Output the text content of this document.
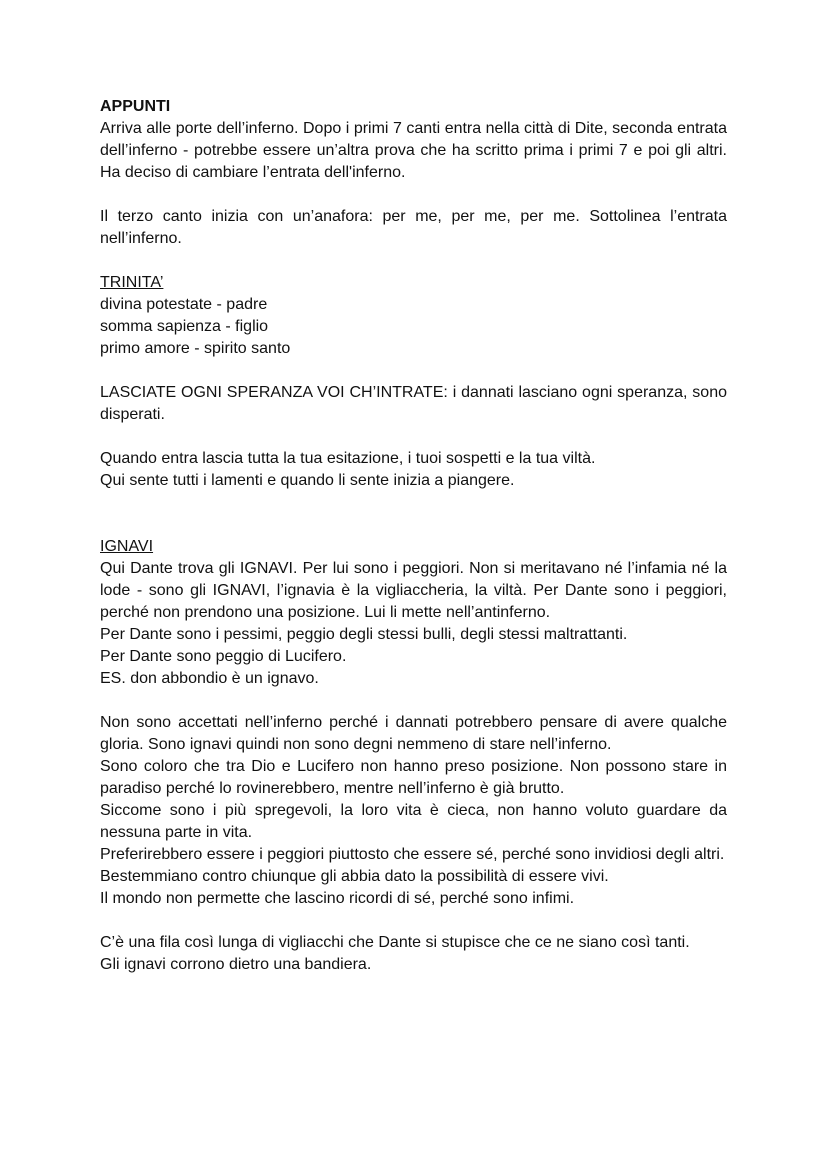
APPUNTI

Arriva alle porte dell’inferno. Dopo i primi 7 canti entra nella città di Dite, seconda entrata dell’inferno - potrebbe essere un’altra prova che ha scritto prima i primi 7 e poi gli altri. Ha deciso di cambiare l’entrata dell'inferno.

Il terzo canto inizia con un’anafora: per me, per me, per me. Sottolinea l’entrata nell’inferno.

TRINITA’

divina potestate - padre

somma sapienza - figlio

primo amore - spirito santo

LASCIATE OGNI SPERANZA VOI CH’INTRATE: i dannati lasciano ogni speranza, sono disperati.

Quando entra lascia tutta la tua esitazione, i tuoi sospetti e la tua viltà.

Qui sente tutti i lamenti e quando li sente inizia a piangere.

IGNAVI

Qui Dante trova gli IGNAVI. Per lui sono i peggiori. Non si meritavano né l’infamia né la lode - sono gli IGNAVI, l’ignavia è la vigliaccheria, la viltà. Per Dante sono i peggiori, perché non prendono una posizione. Lui li mette nell’antinferno.

Per Dante sono i pessimi, peggio degli stessi bulli, degli stessi maltrattanti.

Per Dante sono peggio di Lucifero.

ES. don abbondio è un ignavo.

Non sono accettati nell’inferno perché i dannati potrebbero pensare di avere qualche gloria. Sono ignavi quindi non sono degni nemmeno di stare nell’inferno.

Sono coloro che tra Dio e Lucifero non hanno preso posizione. Non possono stare in paradiso perché lo rovinerebbero, mentre nell’inferno è già brutto.

Siccome sono i più spregevoli, la loro vita è cieca, non hanno voluto guardare da nessuna parte in vita.

Preferirebbero essere i peggiori piuttosto che essere sé, perché sono invidiosi degli altri.

Bestemmiano contro chiunque gli abbia dato la possibilità di essere vivi.

Il mondo non permette che lascino ricordi di sé, perché sono infimi.

C’è una fila così lunga di vigliacchi che Dante si stupisce che ce ne siano così tanti.

Gli ignavi corrono dietro una bandiera.
